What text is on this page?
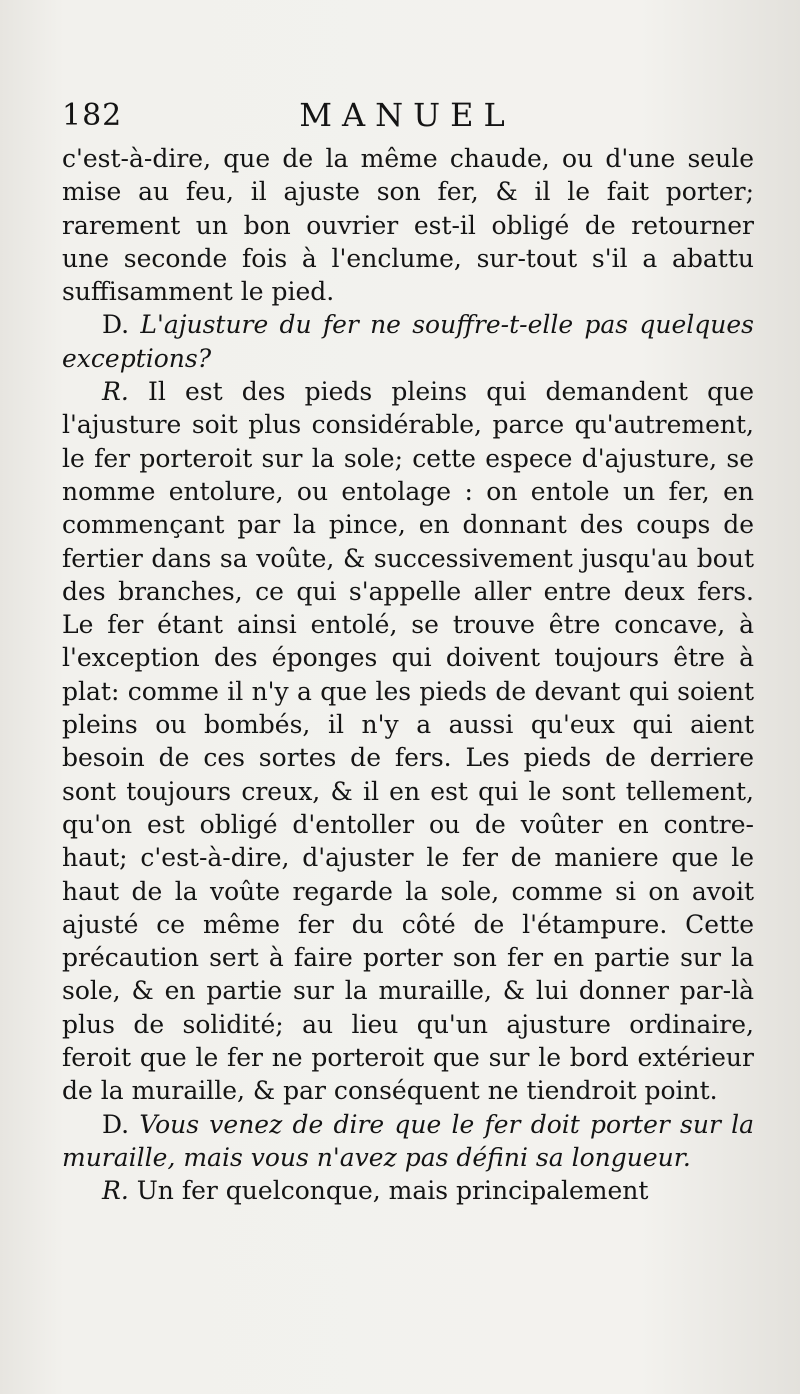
182	MANUEL

c'est-à-dire, que de la même chaude, ou d'une seule mise au feu, il ajuste son fer, & il le fait porter; rarement un bon ouvrier est-il obligé de retourner une seconde fois à l'enclume, sur-tout s'il a abattu suffisamment le pied.

D. L'ajusture du fer ne souffre-t-elle pas quelques exceptions?

R. Il est des pieds pleins qui demandent que l'ajusture soit plus considérable, parce qu'autrement, le fer porteroit sur la sole; cette espece d'ajusture, se nomme entolure, ou entolage : on entole un fer, en commençant par la pince, en donnant des coups de fertier dans sa voûte, & successivement jusqu'au bout des branches, ce qui s'appelle aller entre deux fers. Le fer étant ainsi entolé, se trouve être concave, à l'exception des éponges qui doivent toujours être à plat: comme il n'y a que les pieds de devant qui soient pleins ou bombés, il n'y a aussi qu'eux qui aient besoin de ces sortes de fers. Les pieds de derriere sont toujours creux, & il en est qui le sont tellement, qu'on est obligé d'entoller ou de voûter en contre-haut; c'est-à-dire, d'ajuster le fer de maniere que le haut de la voûte regarde la sole, comme si on avoit ajusté ce même fer du côté de l'étampure. Cette précaution sert à faire porter son fer en partie sur la sole, & en partie sur la muraille, & lui donner par-là plus de solidité; au lieu qu'un ajusture ordinaire, feroit que le fer ne porteroit que sur le bord extérieur de la muraille, & par conséquent ne tiendroit point.

D. Vous venez de dire que le fer doit porter sur la muraille, mais vous n'avez pas défini sa longueur.

R. Un fer quelconque, mais principalement
